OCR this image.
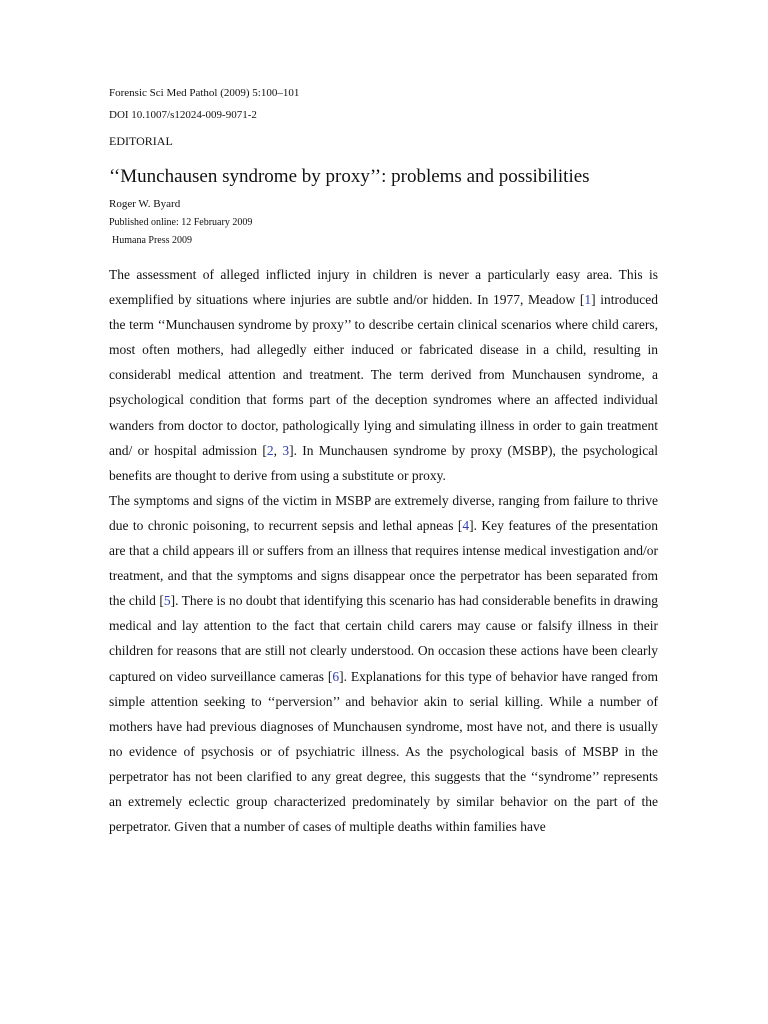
Forensic Sci Med Pathol (2009) 5:100–101
DOI 10.1007/s12024-009-9071-2
EDITORIAL
‘‘Munchausen syndrome by proxy’’: problems and possibilities
Roger W. Byard
Published online: 12 February 2009
Humana Press 2009

The assessment of alleged inflicted injury in children is never a particularly easy area. This is exemplified by situations where injuries are subtle and/or hidden. In 1977, Meadow [1] introduced the term ‘‘Munchausen syndrome by proxy’’ to describe certain clinical scenarios where child carers, most often mothers, had allegedly either induced or fabricated disease in a child, resulting in considerabl medical attention and treatment. The term derived from Munchausen syndrome, a psychological condition that forms part of the deception syndromes where an affected individual wanders from doctor to doctor, pathologically lying and simulating illness in order to gain treatment and/ or hospital admission [2, 3]. In Munchausen syndrome by proxy (MSBP), the psychological benefits are thought to derive from using a substitute or proxy.

The symptoms and signs of the victim in MSBP are extremely diverse, ranging from failure to thrive due to chronic poisoning, to recurrent sepsis and lethal apneas [4]. Key features of the presentation are that a child appears ill or suffers from an illness that requires intense medical investigation and/or treatment, and that the symptoms and signs disappear once the perpetrator has been separated from the child [5]. There is no doubt that identifying this scenario has had considerable benefits in drawing medical and lay attention to the fact that certain child carers may cause or falsify illness in their children for reasons that are still not clearly understood. On occasion these actions have been clearly captured on video surveillance cameras [6]. Explanations for this type of behavior have ranged from simple attention seeking to ‘‘perversion’’ and behavior akin to serial killing. While a number of mothers have had previous diagnoses of Munchausen syndrome, most have not, and there is usually no evidence of psychosis or of psychiatric illness. As the psychological basis of MSBP in the perpetrator has not been clarified to any great degree, this suggests that the ‘‘syndrome’’ represents an extremely eclectic group characterized predominately by similar behavior on the part of the perpetrator. Given that a number of cases of multiple deaths within families have
